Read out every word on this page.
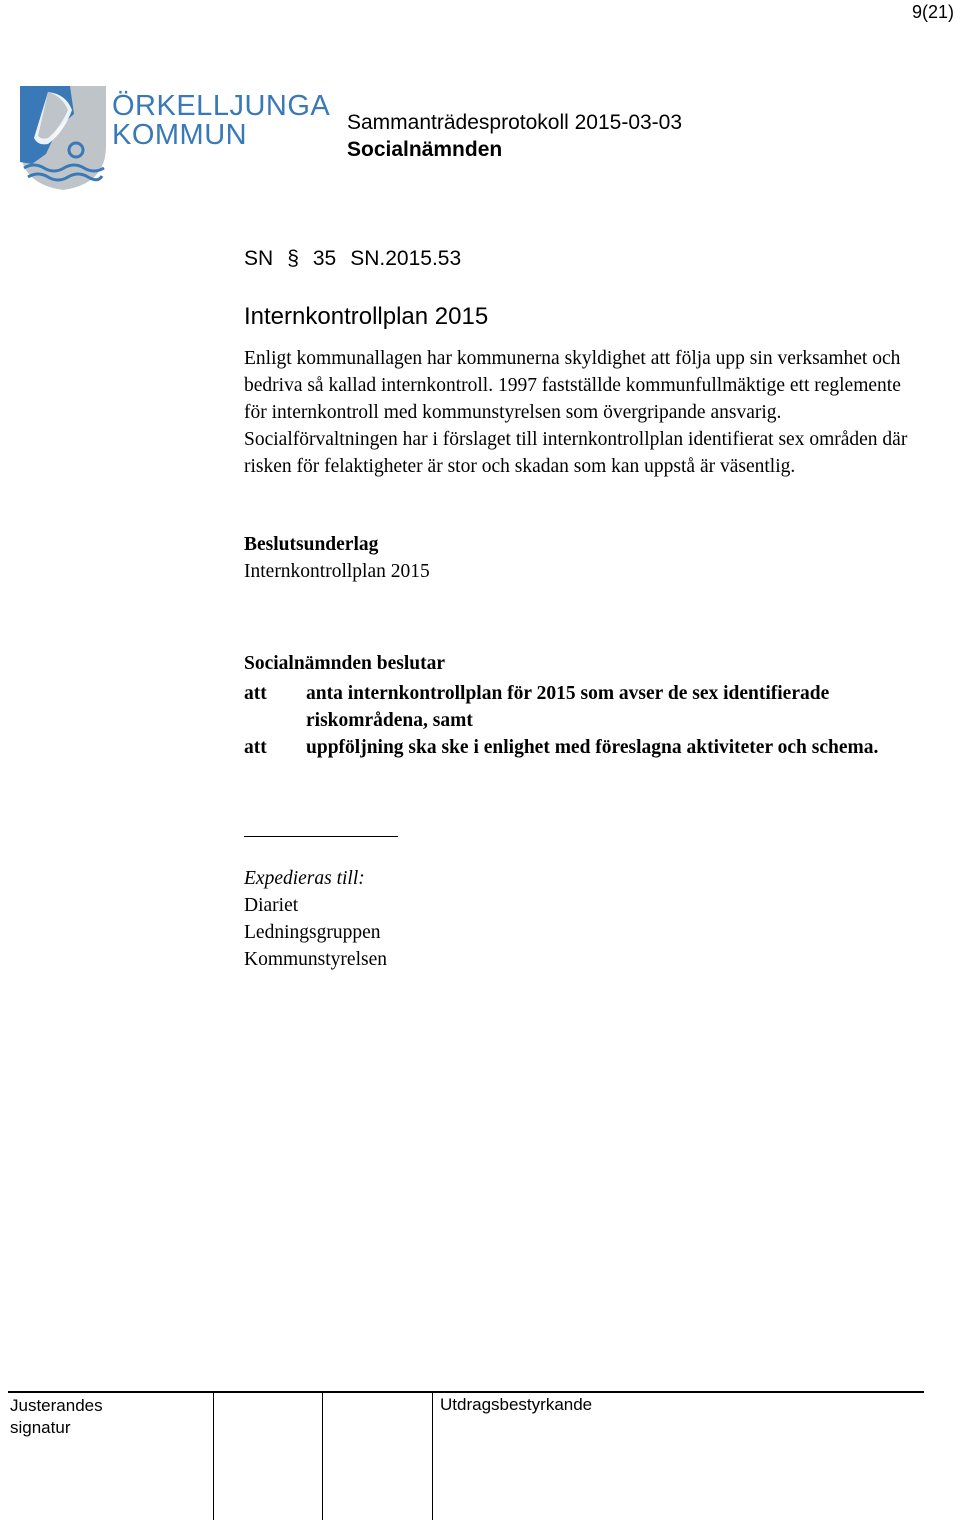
9(21)
ÖRKELLJUNGA
KOMMUN	Sammanträdesprotokoll 2015-03-03
Socialnämnden
SN § 35 SN.2015.53
Internkontrollplan 2015
Enligt kommunallagen har kommunerna skyldighet att följa upp sin verksamhet och bedriva så kallad internkontroll. 1997 fastställde kommunfullmäktige ett reglemente för internkontroll med kommunstyrelsen som övergripande ansvarig. Socialförvaltningen har i förslaget till internkontrollplan identifierat sex områden där risken för felaktigheter är stor och skadan som kan uppstå är väsentlig.
Beslutsunderlag
Internkontrollplan 2015
Socialnämnden beslutar
att anta internkontrollplan för 2015 som avser de sex identifierade riskområdena, samt
att uppföljning ska ske i enlighet med föreslagna aktiviteter och schema.
Expedieras till:
Diariet
Ledningsgruppen
Kommunstyrelsen
Justerandes
signatur
Utdragsbestyrkande
